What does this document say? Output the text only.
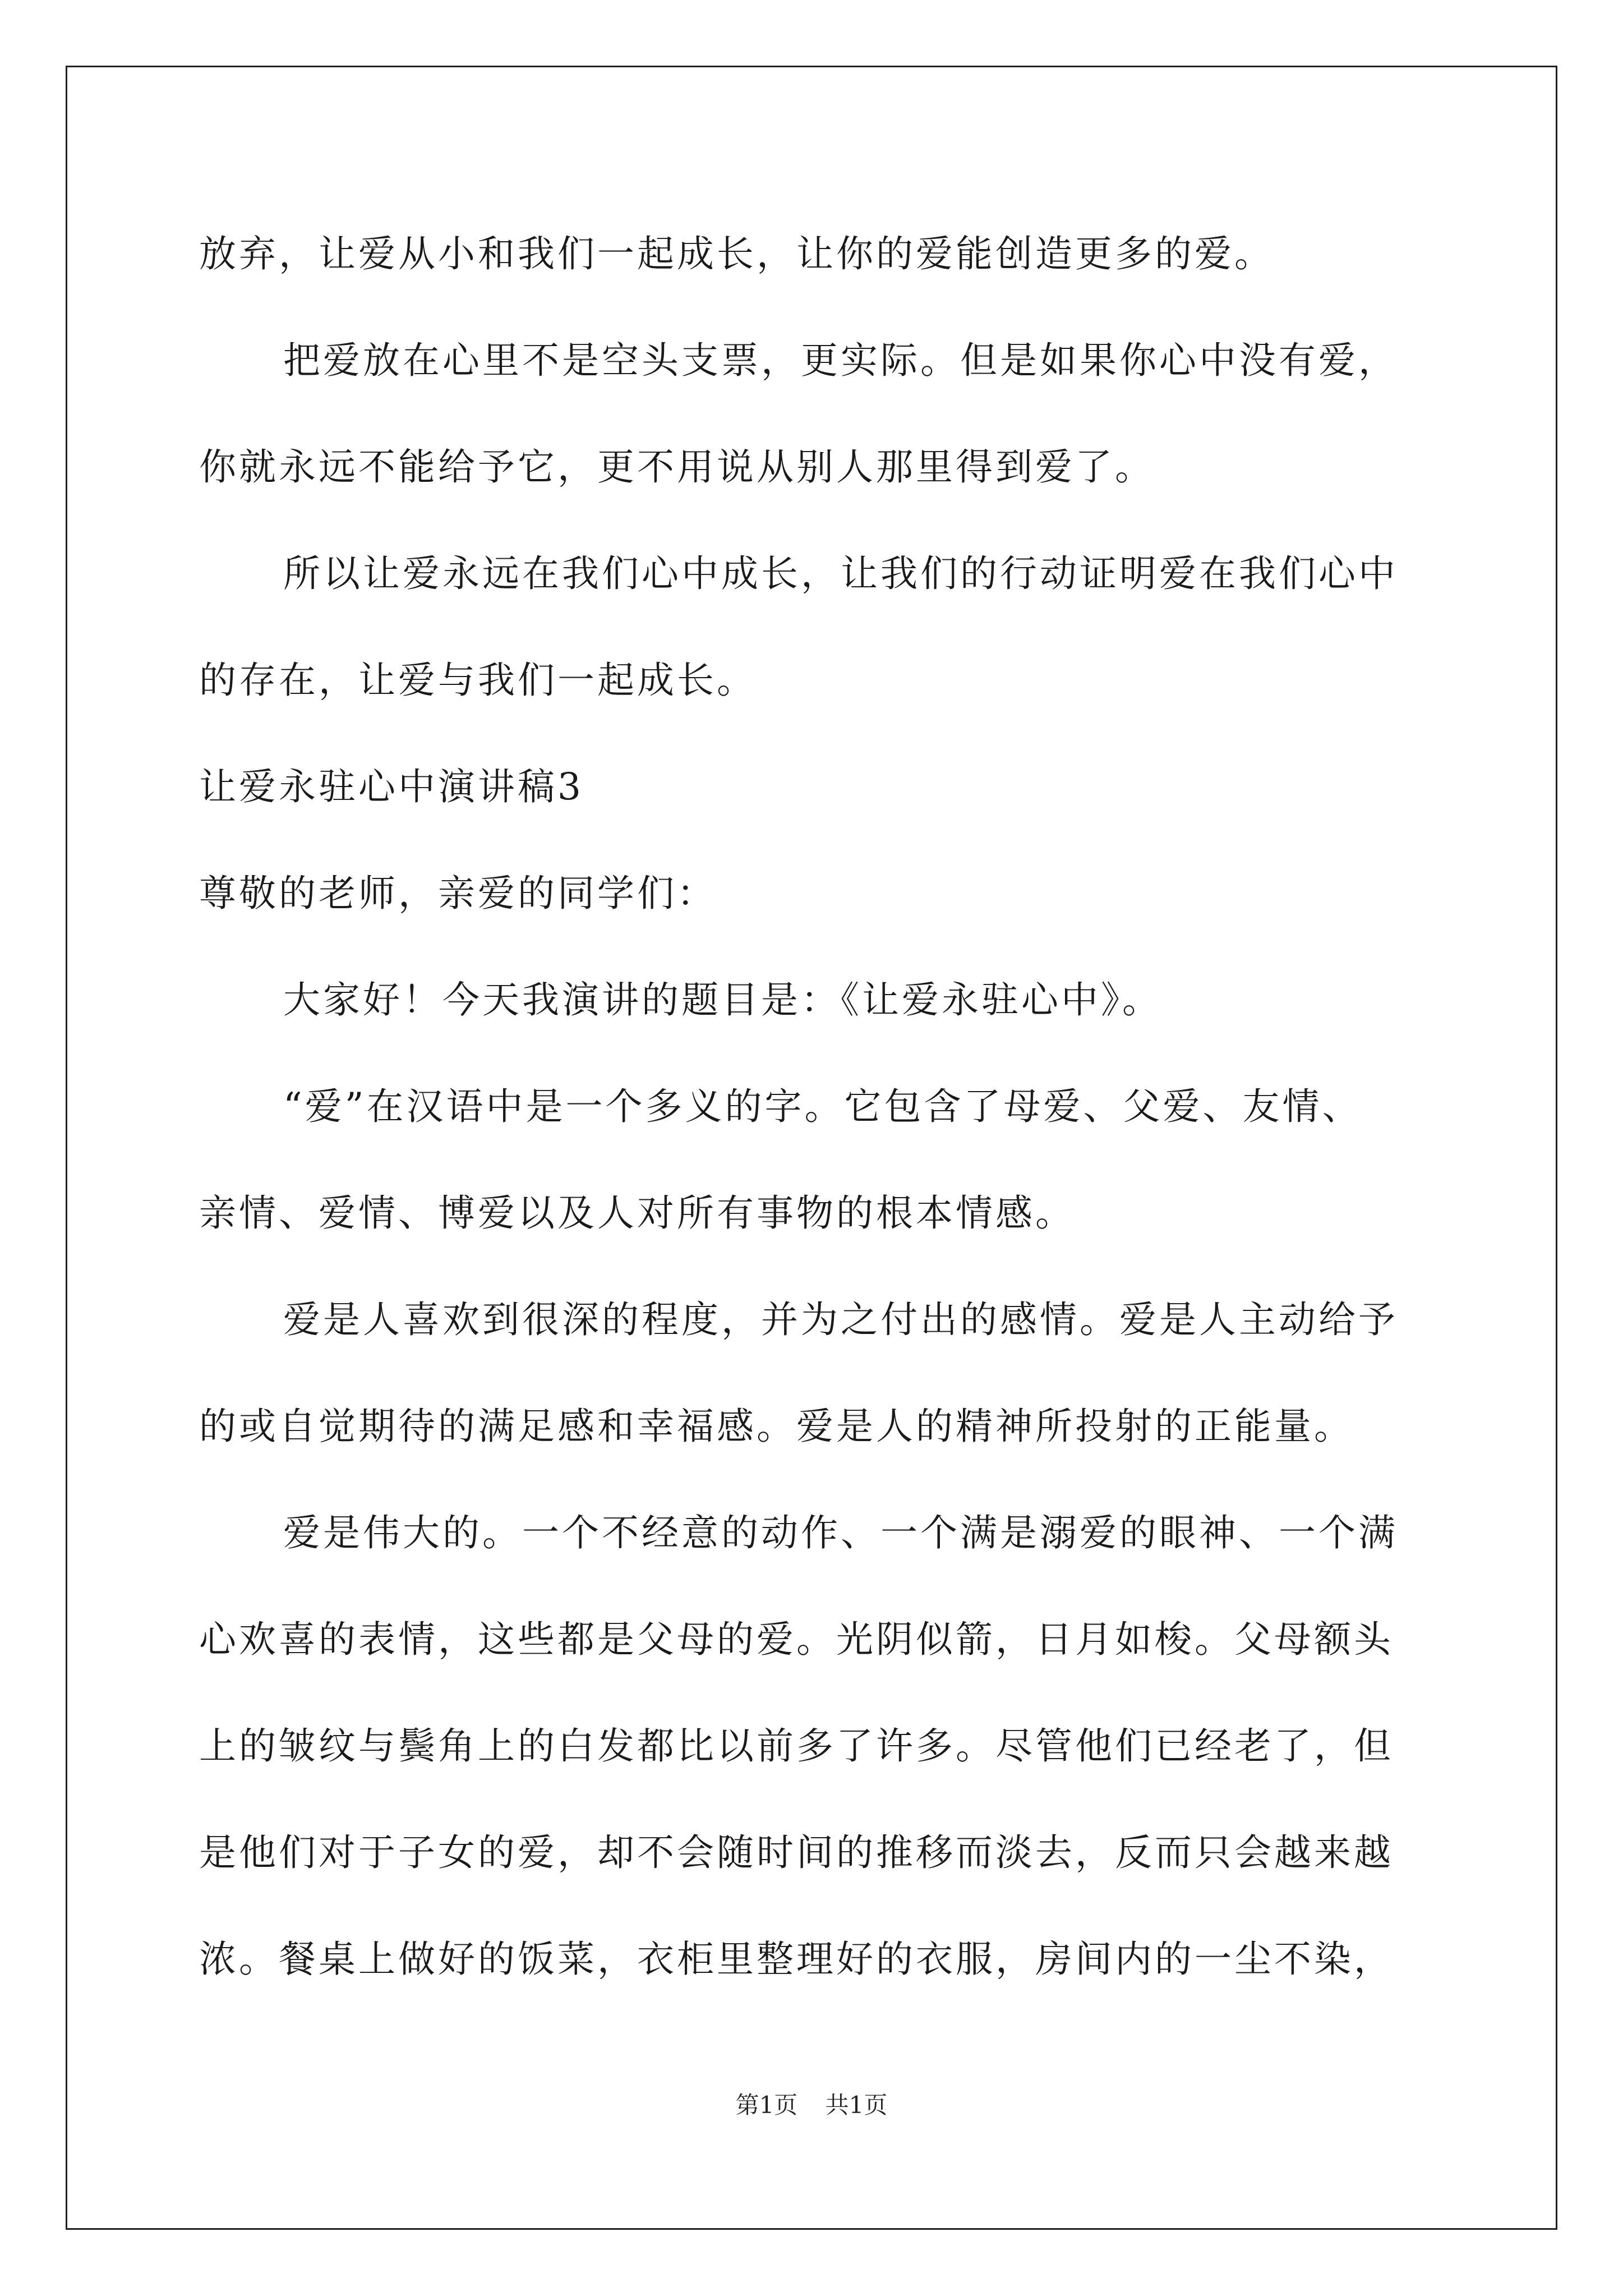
放弃，让爱从小和我们一起成长，让你的爱能创造更多的爱。
把爱放在心里不是空头支票，更实际。但是如果你心中没有爱，
你就永远不能给予它，更不用说从别人那里得到爱了。
所以让爱永远在我们心中成长，让我们的行动证明爱在我们心中
的存在，让爱与我们一起成长。
让爱永驻心中演讲稿3
尊敬的老师，亲爱的同学们：
大家好！今天我演讲的题目是：《让爱永驻心中》。
“爱”在汉语中是一个多义的字。它包含了母爱、父爱、友情、
亲情、爱情、博爱以及人对所有事物的根本情感。
爱是人喜欢到很深的程度，并为之付出的感情。爱是人主动给予
的或自觉期待的满足感和幸福感。爱是人的精神所投射的正能量。
爱是伟大的。一个不经意的动作、一个满是溺爱的眼神、一个满
心欢喜的表情，这些都是父母的爱。光阴似箭，日月如梭。父母额头
上的皱纹与鬓角上的白发都比以前多了许多。尽管他们已经老了，但
是他们对于子女的爱，却不会随时间的推移而淡去，反而只会越来越
浓。餐桌上做好的饭菜，衣柜里整理好的衣服，房间内的一尘不染，
第1页 共1页
